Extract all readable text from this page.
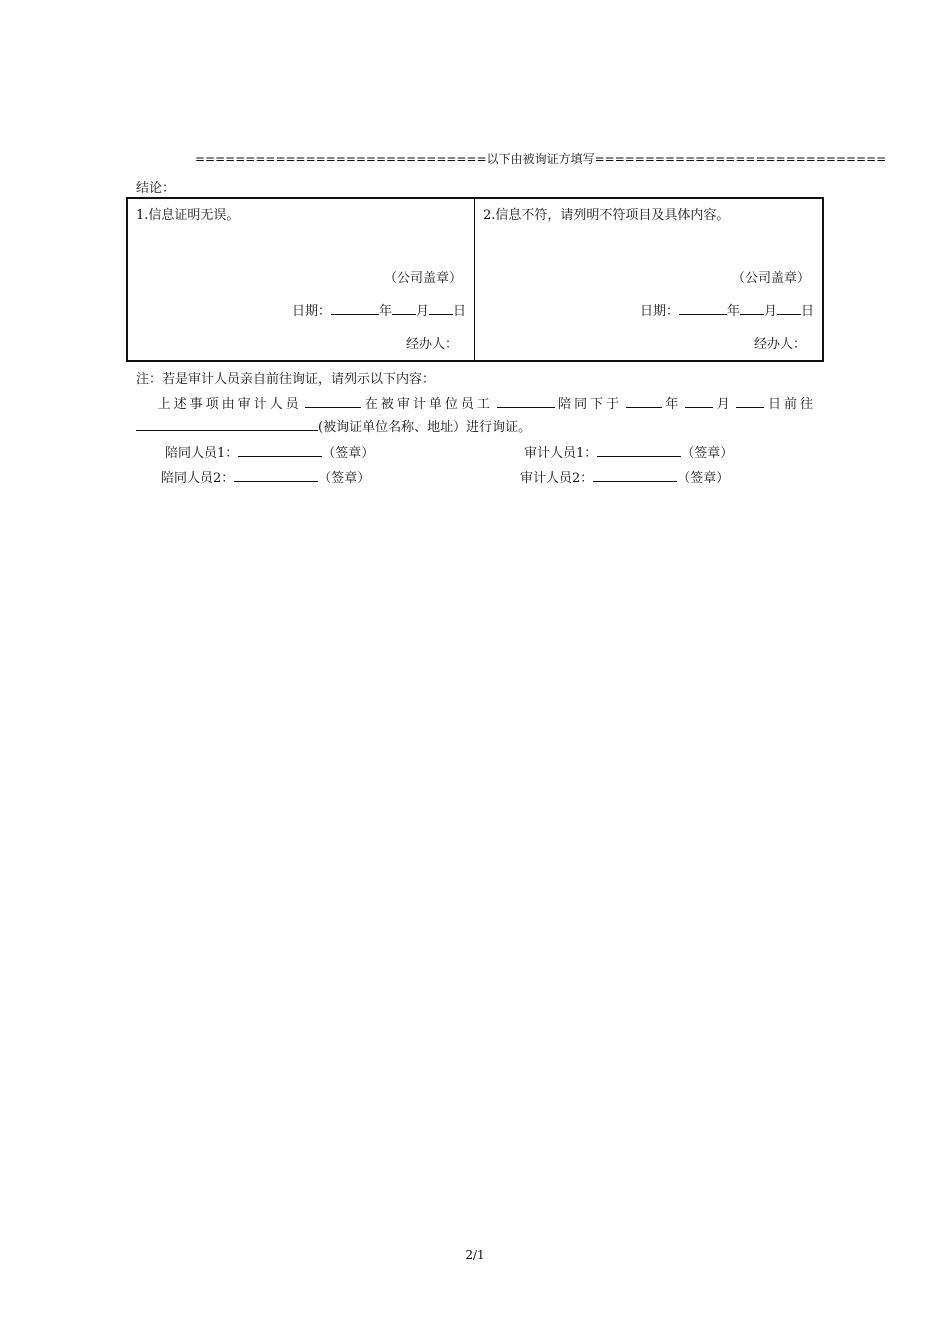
=============================以下由被询证方填写=============================
结论：
1.信息证明无误。
（公司盖章）
日期：	年 月 日
经办人：
2.信息不符，请列明不符项目及具体内容。
（公司盖章）
日期：	年 月 日
经办人：
注：若是审计人员亲自前往询证，请列示以下内容：
上述事项由审计人员	在被审计单位员工	陪同下于	年	月	日前往
(被询证单位名称、地址）进行询证。
陪同人员1：	（签章）	审计人员1：	（签章）
陪同人员2：	（签章）	审计人员2：	（签章）
2/1
